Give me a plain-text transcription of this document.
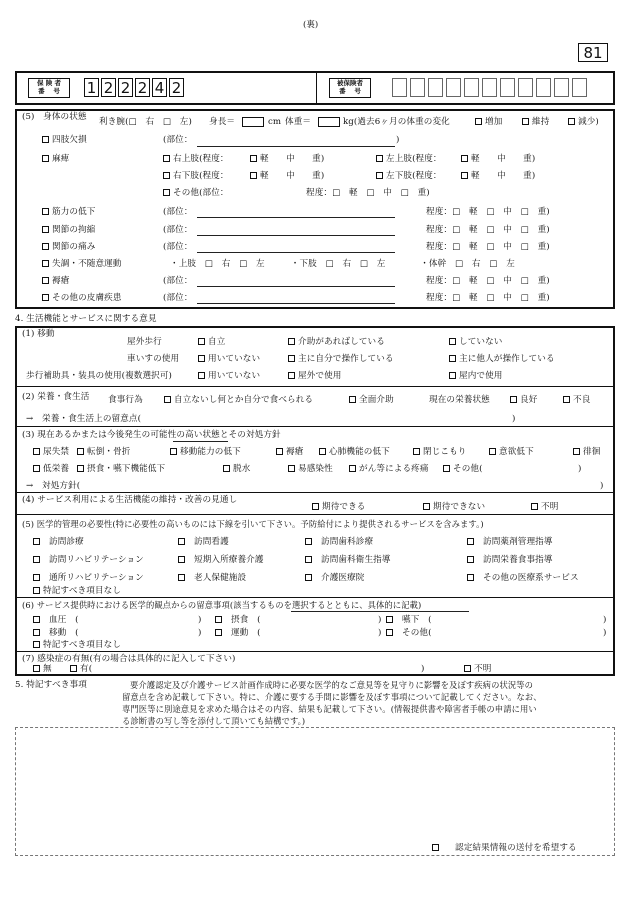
(裏)
81
保 険 者
番　 号	1 2 2 2 4 2	被保険者
番　 号
(5)　身体の状態 利き腕(□　右　□　左) 身長＝	cm 体重＝	kg(過去6ヶ月の体重の変化	増加	維持	減少)
四肢欠損	(部位：	)
麻痺	右上肢(程度：	軽　　中　　重)	左上肢(程度：	軽　　中　　重)
右下肢(程度：	軽　　中　　重)	左下肢(程度：	軽　　中　　重)
その他(部位：	程度：□　軽　□　中　□　重)
筋力の低下	(部位：	程度：□　軽　□　中　□　重)
関節の拘縮	(部位：	程度：□　軽　□　中　□　重)
関節の痛み	(部位：	程度：□　軽　□　中　□　重)
失調・不随意運動	・上肢　□　右　□　左　　　・下肢　□　右　□　左　　　　・体幹　□　右　□　左
褥瘡	(部位：	程度：□　軽　□　中　□　重)
その他の皮膚疾患	(部位：	程度：□　軽　□　中　□　重)
4. 生活機能とサービスに関する意見
(1) 移動
屋外歩行	自立	介助があればしている	していない
車いすの使用	用いていない	主に自分で操作している	主に他人が操作している
歩行補助具・装具の使用(複数選択可)	用いていない	屋外で使用	屋内で使用
(2) 栄養・食生活 食事行為	自立ないし何とか自分で食べられる	全面介助	現在の栄養状態	良好	不良
→　栄養・食生活上の留意点(	)
(3) 現在あるかまたは今後発生の可能性の高い状態とその対処方針
尿失禁	転倒・骨折	移動能力の低下	褥瘡	心肺機能の低下	閉じこもり	意欲低下	徘徊
低栄養	摂食・嚥下機能低下	脱水	易感染性	がん等による疼痛	その他(	)
→　対処方針(	)
(4) サービス利用による生活機能の維持・改善の見通し
期待できる	期待できない	不明
(5) 医学的管理の必要性(特に必要性の高いものには下線を引いて下さい。予防給付により提供されるサービスを含みます。)
訪問診療	訪問看護	訪問歯科診療	訪問薬剤管理指導
訪問リハビリテーション	短期入所療養介護	訪問歯科衛生指導	訪問栄養食事指導
通所リハビリテーション	老人保健施設	介護医療院	その他の医療系サービス
特記すべき項目なし
(6) サービス提供時における医学的観点からの留意事項(該当するものを選択するとともに、具体的に記載)
血圧　(	)	摂食　(	)	嚥下　(	)
移動　(	)	運動　(	)	その他(	)
特記すべき項目なし
(7) 感染症の有無(有の場合は具体的に記入して下さい)
無	有(	)	不明
5. 特記すべき事項	要介護認定及び介護サービス計画作成時に必要な医学的なご意見等を見守りに影響を及ぼす疾病の状況等の
留意点を含め記載して下さい。特に、介護に要する手間に影響を及ぼす事項について記載してください。なお、
専門医等に別途意見を求めた場合はその内容、結果も記載して下さい。(情報提供書や障害者手帳の申請に用い
る診断書の写し等を添付して頂いても結構です。)
認定結果情報の送付を希望する
